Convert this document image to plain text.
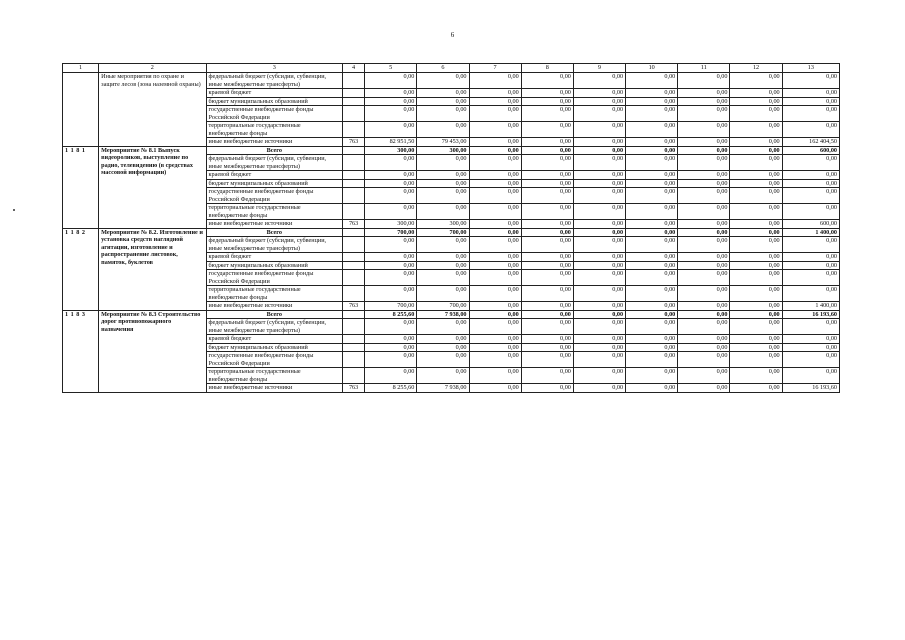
6
1	2	3	4	5	6	7	8	9	10	11	12	13
	Иные мероприятия по охране и защите лесов (зона наземной охраны)	федеральный бюджет (субсидии, субвенции, иные межбюджетные трансферты)		0,00	0,00	0,00	0,00	0,00	0,00	0,00	0,00	0,00
		краевой бюджет		0,00	0,00	0,00	0,00	0,00	0,00	0,00	0,00	0,00
		бюджет муниципальных образований		0,00	0,00	0,00	0,00	0,00	0,00	0,00	0,00	0,00
		государственные внебюджетные фонды Российской Федерации		0,00	0,00	0,00	0,00	0,00	0,00	0,00	0,00	0,00
		территориальные государственные внебюджетные фонды		0,00	0,00	0,00	0,00	0,00	0,00	0,00	0,00	0,00
		иные внебюджетные источники	763	82 951,50	79 453,00	0,00	0,00	0,00	0,00	0,00	0,00	162 404,50
1 1 8 1	Мероприятие № 8.1 Выпуск видеороликов, выступление по радио, телевидению (в средствах массовой информации)	Всего		300,00	300,00	0,00	0,00	0,00	0,00	0,00	0,00	600,00
		федеральный бюджет (субсидии, субвенции, иные межбюджетные трансферты)		0,00	0,00	0,00	0,00	0,00	0,00	0,00	0,00	0,00
		краевой бюджет		0,00	0,00	0,00	0,00	0,00	0,00	0,00	0,00	0,00
		бюджет муниципальных образований		0,00	0,00	0,00	0,00	0,00	0,00	0,00	0,00	0,00
		государственные внебюджетные фонды Российской Федерации		0,00	0,00	0,00	0,00	0,00	0,00	0,00	0,00	0,00
		территориальные государственные внебюджетные фонды		0,00	0,00	0,00	0,00	0,00	0,00	0,00	0,00	0,00
		иные внебюджетные источники	763	300,00	300,00	0,00	0,00	0,00	0,00	0,00	0,00	600,00
1 1 8 2	Мероприятие № 8.2. Изготовление и установка средств наглядной агитации, изготовление и распространение листовок, памяток, буклетов	Всего		700,00	700,00	0,00	0,00	0,00	0,00	0,00	0,00	1 400,00
		федеральный бюджет (субсидии, субвенции, иные межбюджетные трансферты)		0,00	0,00	0,00	0,00	0,00	0,00	0,00	0,00	0,00
		краевой бюджет		0,00	0,00	0,00	0,00	0,00	0,00	0,00	0,00	0,00
		бюджет муниципальных образований		0,00	0,00	0,00	0,00	0,00	0,00	0,00	0,00	0,00
		государственные внебюджетные фонды Российской Федерации		0,00	0,00	0,00	0,00	0,00	0,00	0,00	0,00	0,00
		территориальные государственные внебюджетные фонды		0,00	0,00	0,00	0,00	0,00	0,00	0,00	0,00	0,00
		иные внебюджетные источники	763	700,00	700,00	0,00	0,00	0,00	0,00	0,00	0,00	1 400,00
1 1 8 3	Мероприятие № 8.3 Строительство дорог противопожарного назначения	Всего		8 255,60	7 938,00	0,00	0,00	0,00	0,00	0,00	0,00	16 193,60
		федеральный бюджет (субсидии, субвенции, иные межбюджетные трансферты)		0,00	0,00	0,00	0,00	0,00	0,00	0,00	0,00	0,00
		краевой бюджет		0,00	0,00	0,00	0,00	0,00	0,00	0,00	0,00	0,00
		бюджет муниципальных образований		0,00	0,00	0,00	0,00	0,00	0,00	0,00	0,00	0,00
		государственные внебюджетные фонды Российской Федерации		0,00	0,00	0,00	0,00	0,00	0,00	0,00	0,00	0,00
		территориальные государственные внебюджетные фонды		0,00	0,00	0,00	0,00	0,00	0,00	0,00	0,00	0,00
		иные внебюджетные источники	763	8 255,60	7 938,00	0,00	0,00	0,00	0,00	0,00	0,00	16 193,60
